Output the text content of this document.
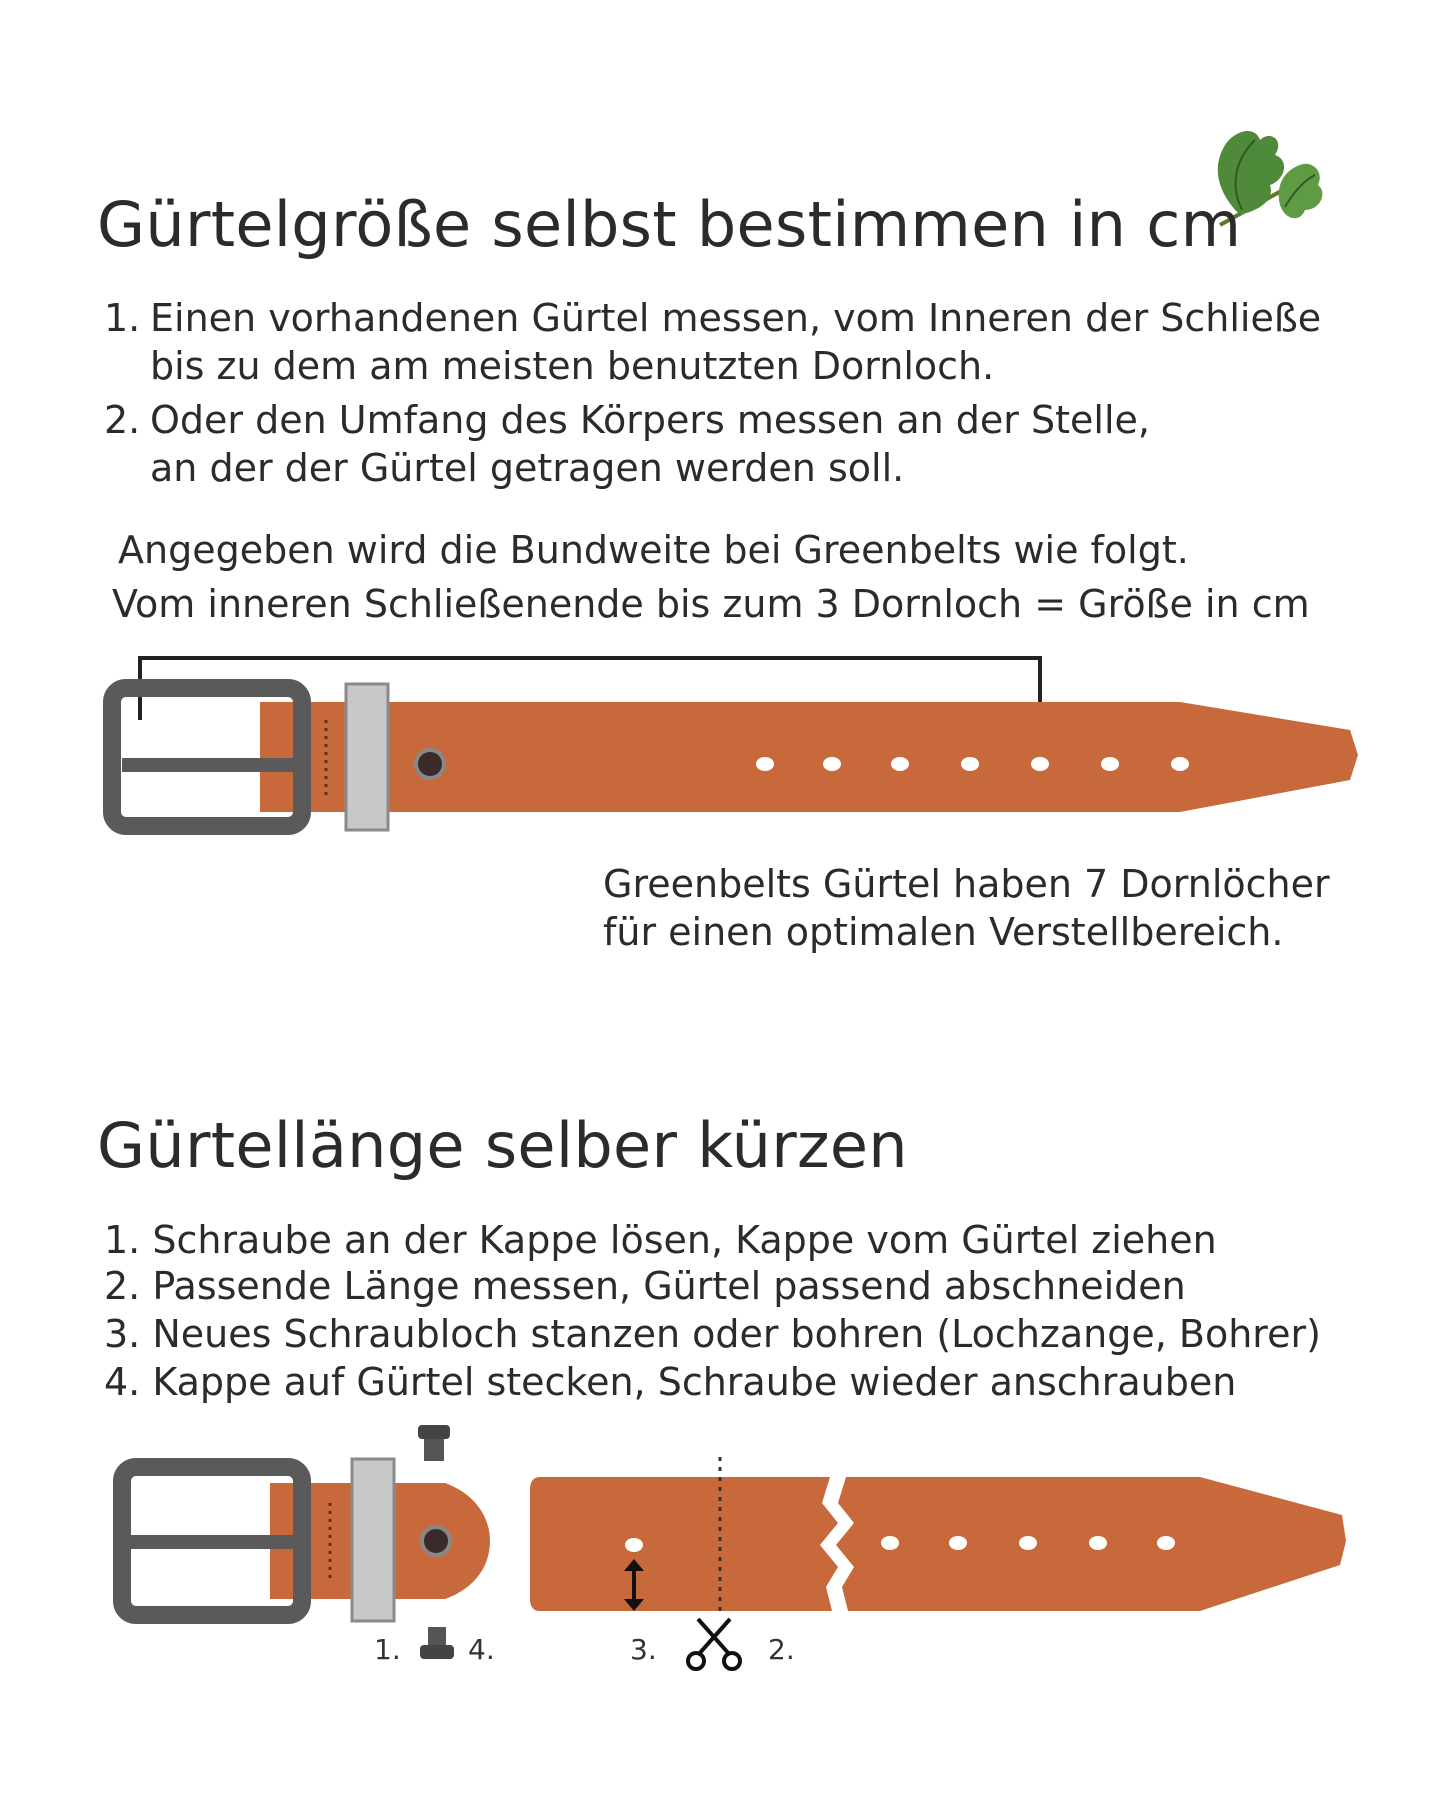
Gürtelgröße selbst bestimmen in cm
1. Einen vorhandenen Gürtel messen, vom Inneren der Schließe
bis zu dem am meisten benutzten Dornloch.
2. Oder den Umfang des Körpers messen an der Stelle,
an der der Gürtel getragen werden soll.
Angegeben wird die Bundweite bei Greenbelts wie folgt.
Vom inneren Schließenende bis zum 3 Dornloch = Größe in cm
Greenbelts Gürtel haben 7 Dornlöcher
für einen optimalen Verstellbereich.
Gürtellänge selber kürzen
1. Schraube an der Kappe lösen, Kappe vom Gürtel ziehen
2. Passende Länge messen, Gürtel passend abschneiden
3. Neues Schraubloch stanzen oder bohren (Lochzange, Bohrer)
4. Kappe auf Gürtel stecken, Schraube wieder anschrauben
1. 4.	3.	2.
